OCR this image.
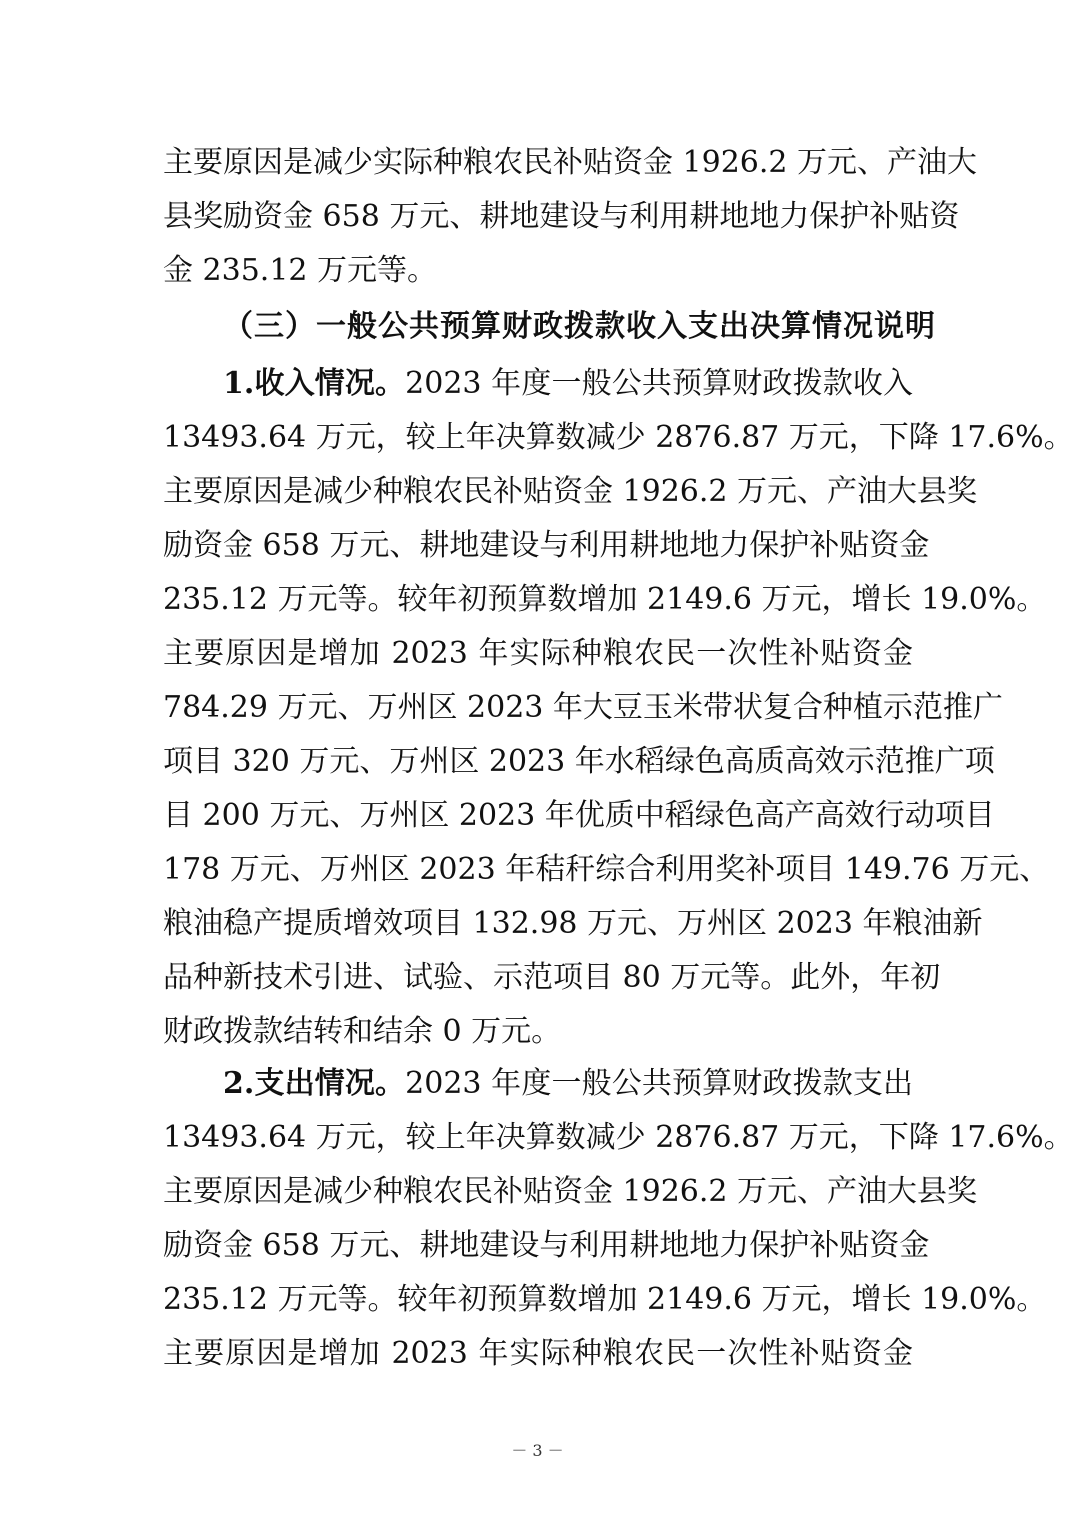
主要原因是减少实际种粮农民补贴资金 1926.2 万元、产油大
县奖励资金 658 万元、耕地建设与利用耕地地力保护补贴资
金 235.12 万元等。
（三）一般公共预算财政拨款收入支出决算情况说明
1.收入情况。2023 年度一般公共预算财政拨款收入
13493.64 万元，较上年决算数减少 2876.87 万元，下降 17.6%。
主要原因是减少种粮农民补贴资金 1926.2 万元、产油大县奖
励资金 658 万元、耕地建设与利用耕地地力保护补贴资金
235.12 万元等。较年初预算数增加 2149.6 万元，增长 19.0%。
主要原因是增加 2023 年实际种粮农民一次性补贴资金
784.29 万元、万州区 2023 年大豆玉米带状复合种植示范推广
项目 320 万元、万州区 2023 年水稻绿色高质高效示范推广项
目 200 万元、万州区 2023 年优质中稻绿色高产高效行动项目
178 万元、万州区 2023 年秸秆综合利用奖补项目 149.76 万元、
粮油稳产提质增效项目 132.98 万元、万州区 2023 年粮油新
品种新技术引进、试验、示范项目 80 万元等。此外，年初
财政拨款结转和结余 0 万元。
2.支出情况。2023 年度一般公共预算财政拨款支出
13493.64 万元，较上年决算数减少 2876.87 万元，下降 17.6%。
主要原因是减少种粮农民补贴资金 1926.2 万元、产油大县奖
励资金 658 万元、耕地建设与利用耕地地力保护补贴资金
235.12 万元等。较年初预算数增加 2149.6 万元，增长 19.0%。
主要原因是增加 2023 年实际种粮农民一次性补贴资金
－ 3 －
